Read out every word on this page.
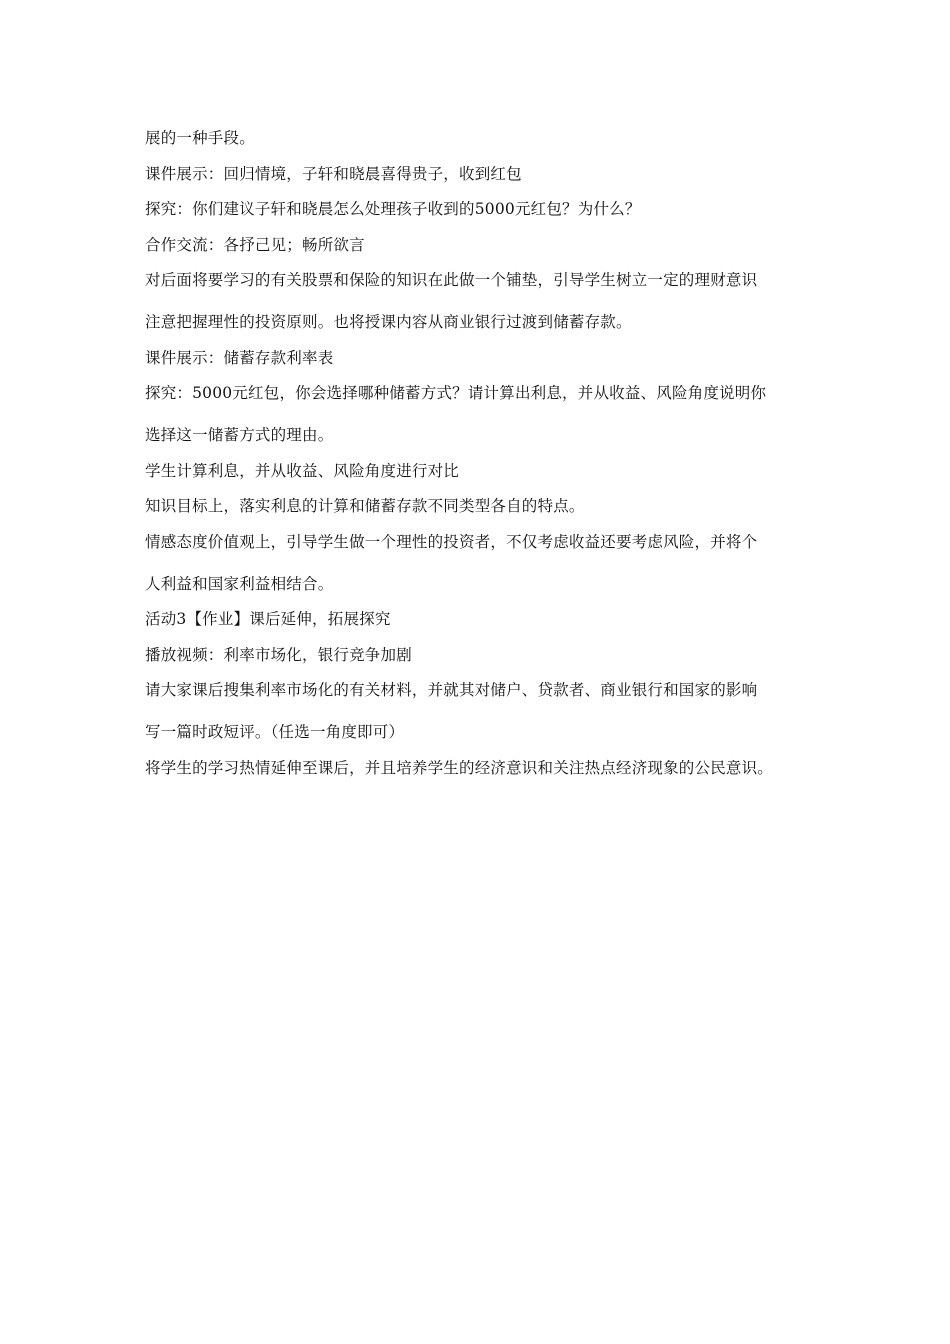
展的一种手段。
课件展示：回归情境，子轩和晓晨喜得贵子，收到红包
探究：你们建议子轩和晓晨怎么处理孩子收到的5000元红包？为什么？
合作交流：各抒己见；畅所欲言
对后面将要学习的有关股票和保险的知识在此做一个铺垫，引导学生树立一定的理财意识
注意把握理性的投资原则。也将授课内容从商业银行过渡到储蓄存款。
课件展示：储蓄存款利率表
探究：5000元红包，你会选择哪种储蓄方式？请计算出利息，并从收益、风险角度说明你
选择这一储蓄方式的理由。
学生计算利息，并从收益、风险角度进行对比
知识目标上，落实利息的计算和储蓄存款不同类型各自的特点。
情感态度价值观上，引导学生做一个理性的投资者，不仅考虑收益还要考虑风险，并将个
人利益和国家利益相结合。
活动3【作业】课后延伸，拓展探究
播放视频：利率市场化，银行竞争加剧
请大家课后搜集利率市场化的有关材料，并就其对储户、贷款者、商业银行和国家的影响
写一篇时政短评。（任选一角度即可）
将学生的学习热情延伸至课后，并且培养学生的经济意识和关注热点经济现象的公民意识。
